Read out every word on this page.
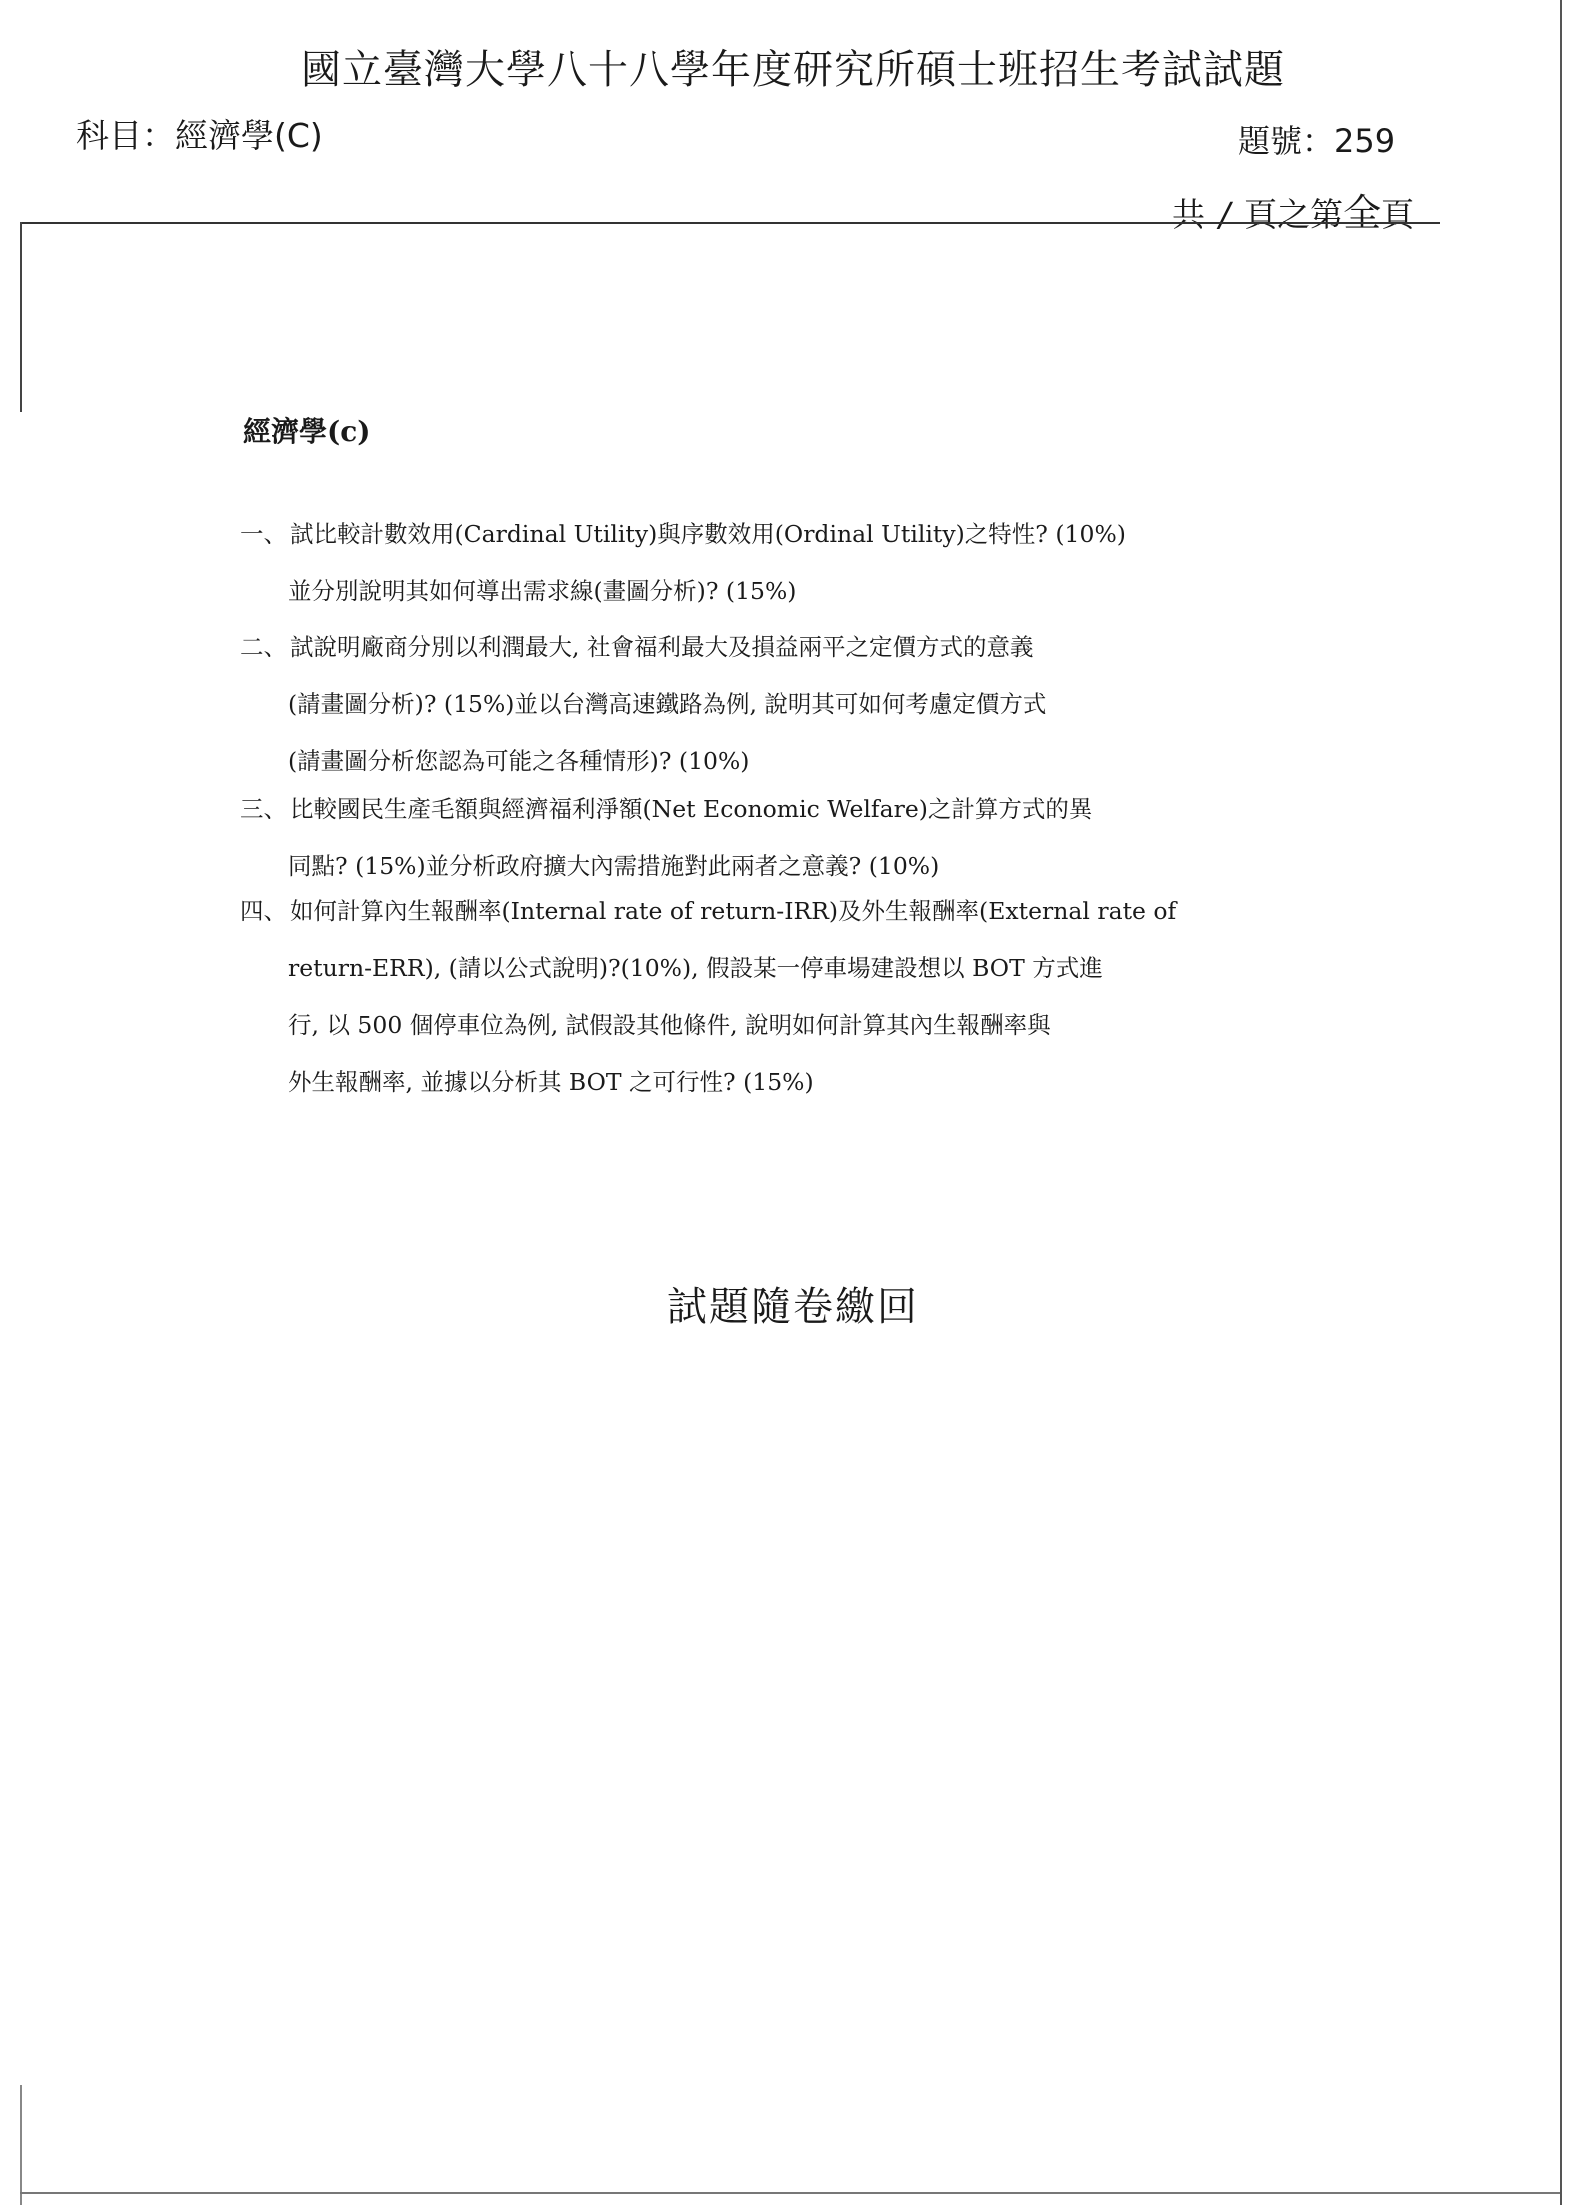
國立臺灣大學八十八學年度研究所碩士班招生考試試題
科目：經濟學(C)	題號：259
共 / 頁之第全頁
經濟學(c)
一、 試比較計數效用(Cardinal Utility)與序數效用(Ordinal Utility)之特性? (10%)
並分別說明其如何導出需求線(畫圖分析)? (15%)
二、 試說明廠商分別以利潤最大, 社會福利最大及損益兩平之定價方式的意義
(請畫圖分析)? (15%)並以台灣高速鐵路為例, 說明其可如何考慮定價方式
(請畫圖分析您認為可能之各種情形)? (10%)
三、 比較國民生產毛額與經濟福利淨額(Net Economic Welfare)之計算方式的異
同點? (15%)並分析政府擴大內需措施對此兩者之意義? (10%)
四、 如何計算內生報酬率(Internal rate of return-IRR)及外生報酬率(External rate of
return-ERR), (請以公式說明)?(10%), 假設某一停車場建設想以 BOT 方式進
行, 以 500 個停車位為例, 試假設其他條件, 說明如何計算其內生報酬率與
外生報酬率, 並據以分析其 BOT 之可行性? (15%)
試題隨卷繳回
